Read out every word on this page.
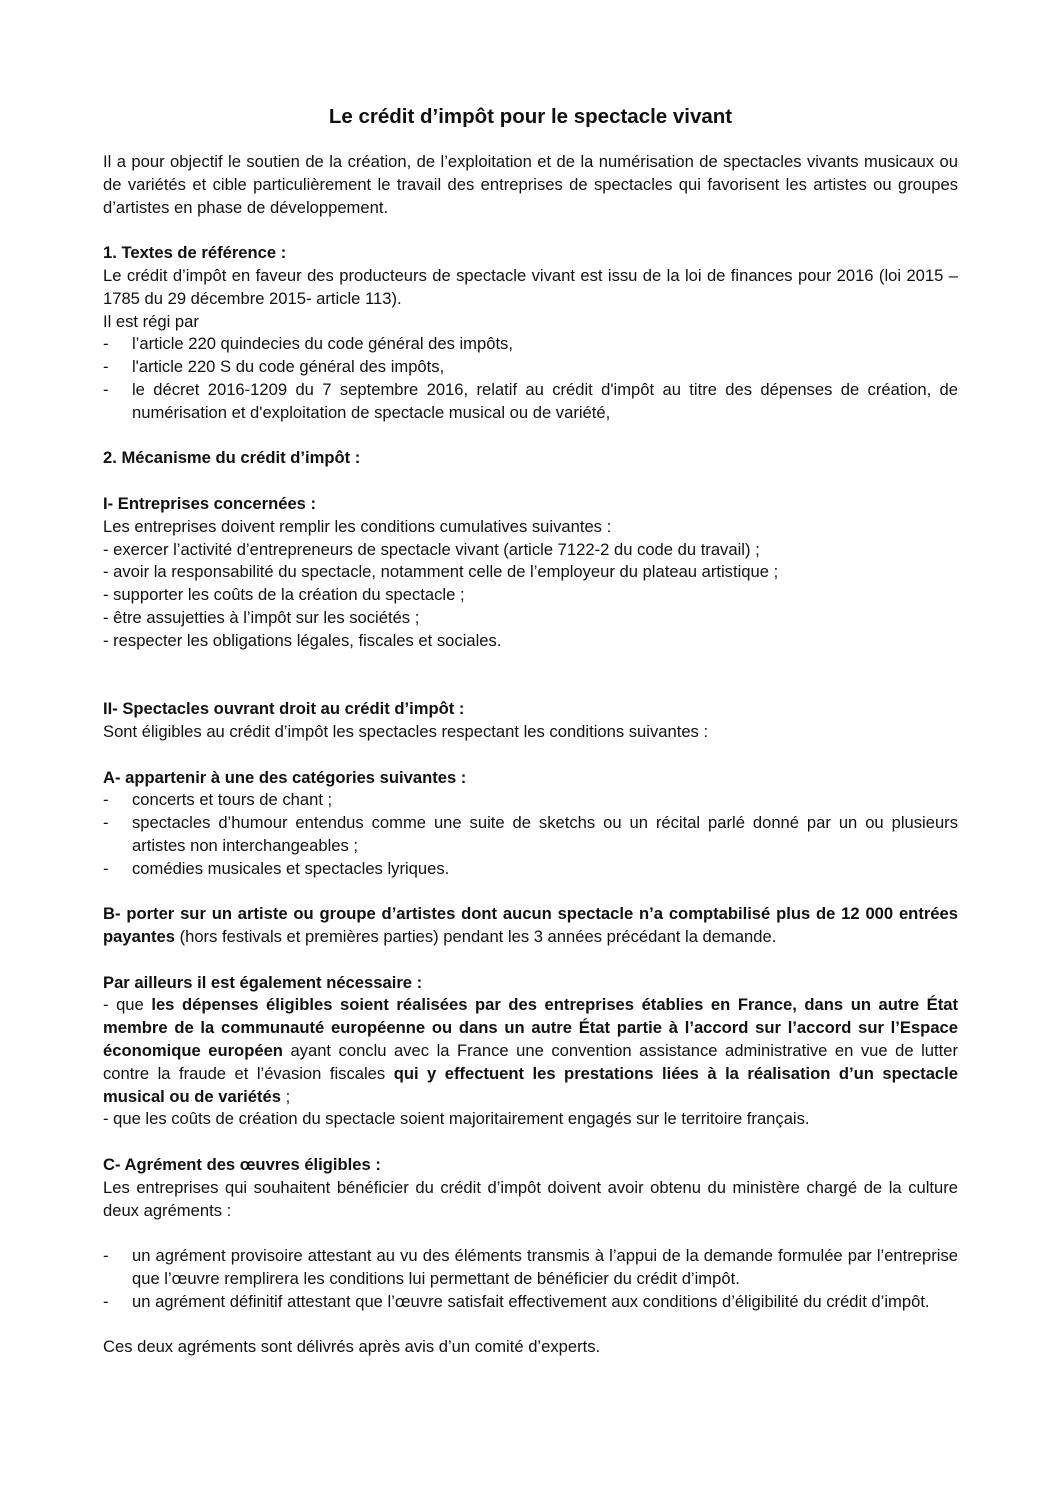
Le crédit d’impôt pour le spectacle vivant

Il a pour objectif le soutien de la création, de l’exploitation et de la numérisation de spectacles vivants musicaux ou de variétés et cible particulièrement le travail des entreprises de spectacles qui favorisent les artistes ou groupes d’artistes en phase de développement.

1. Textes de référence :

Le crédit d’impôt en faveur des producteurs de spectacle vivant est issu de la loi de finances pour 2016 (loi 2015 – 1785 du 29 décembre 2015- article 113).

Il est régi par

- l’article 220 quindecies du code général des impôts,
- l'article 220 S du code général des impôts,
- le décret 2016-1209 du 7 septembre 2016, relatif au crédit d'impôt au titre des dépenses de création, de numérisation et d'exploitation de spectacle musical ou de variété,

2. Mécanisme du crédit d’impôt :

I- Entreprises concernées :

Les entreprises doivent remplir les conditions cumulatives suivantes :

- exercer l’activité d’entrepreneurs de spectacle vivant (article 7122-2 du code du travail) ;

- avoir la responsabilité du spectacle, notamment celle de l’employeur du plateau artistique ;

- supporter les coûts de la création du spectacle ;

- être assujetties à l’impôt sur les sociétés ;

- respecter les obligations légales, fiscales et sociales.

II- Spectacles ouvrant droit au crédit d’impôt :

Sont éligibles au crédit d’impôt les spectacles respectant les conditions suivantes :

A- appartenir à une des catégories suivantes :

- concerts et tours de chant ;
- spectacles d’humour entendus comme une suite de sketchs ou un récital parlé donné par un ou plusieurs artistes non interchangeables ;
- comédies musicales et spectacles lyriques.

B- porter sur un artiste ou groupe d’artistes dont aucun spectacle n’a comptabilisé plus de 12 000 entrées payantes (hors festivals et premières parties) pendant les 3 années précédant la demande.

Par ailleurs il est également nécessaire :

- que les dépenses éligibles soient réalisées par des entreprises établies en France, dans un autre État membre de la communauté européenne ou dans un autre État partie à l’accord sur l’accord sur l’Espace économique européen ayant conclu avec la France une convention assistance administrative en vue de lutter contre la fraude et l’évasion fiscales qui y effectuent les prestations liées à la réalisation d’un spectacle musical ou de variétés ;

- que les coûts de création du spectacle soient majoritairement engagés sur le territoire français.

C- Agrément des œuvres éligibles :

Les entreprises qui souhaitent bénéficier du crédit d’impôt doivent avoir obtenu du ministère chargé de la culture deux agréments :

- un agrément provisoire attestant au vu des éléments transmis à l’appui de la demande formulée par l’entreprise que l’œuvre remplirera les conditions lui permettant de bénéficier du crédit d’impôt.
- un agrément définitif attestant que l’œuvre satisfait effectivement aux conditions d’éligibilité du crédit d’impôt.

Ces deux agréments sont délivrés après avis d’un comité d’experts.
